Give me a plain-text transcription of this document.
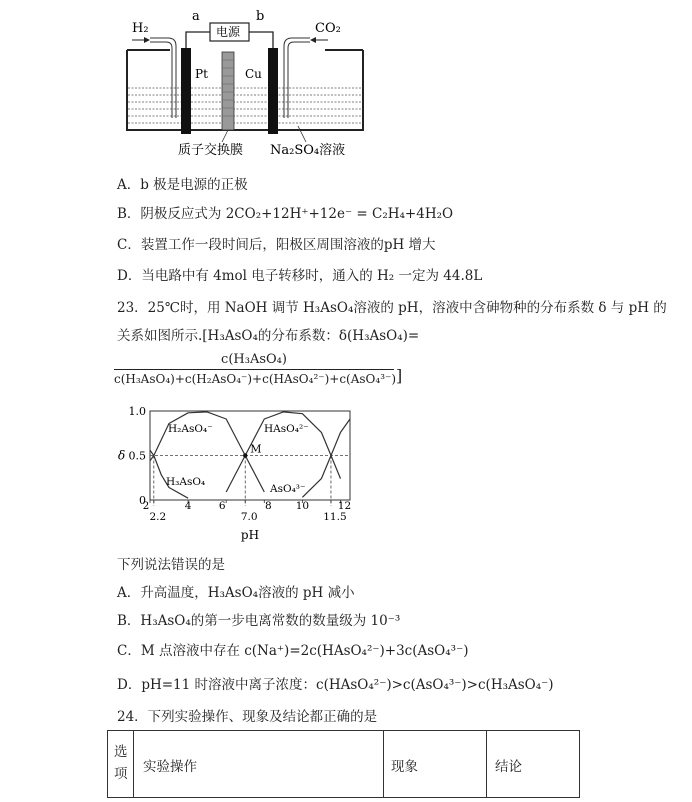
H₂	CO₂
a	b
电源
Pt	Cu
质子交换膜 Na₂SO₄溶液
A．b 极是电源的正极
B．阴极反应式为 2CO₂+12H⁺+12e⁻ = C₂H₄+4H₂O
C．装置工作一段时间后，阳极区周围溶液的pH 增大
D．当电路中有 4mol 电子转移时，通入的 H₂ 一定为 44.8L
23．25℃时，用 NaOH 调节 H₃AsO₄溶液的 pH，溶液中含砷物种的分布系数 δ 与 pH 的
关系如图所示.[H₃AsO₄的分布系数：δ(H₃AsO₄)=
c(H₃AsO₄)
c(H₃AsO₄)+c(H₂AsO₄⁻)+c(HAsO₄²⁻)+c(AsO₄³⁻) ]
0
0.5
1.0
δ
2
2.2
4	6
7.0
8 10
11.5
12
pH
H₃AsO₄
H₂AsO₄⁻	HAsO₄²⁻
AsO₄³⁻
M
下列说法错误的是
A．升高温度，H₃AsO₄溶液的 pH 减小
B．H₃AsO₄的第一步电离常数的数量级为 10⁻³
C．M 点溶液中存在 c(Na⁺)=2c(HAsO₄²⁻)+3c(AsO₄³⁻)
D．pH=11 时溶液中离子浓度：c(HAsO₄²⁻)>c(AsO₄³⁻)>c(H₃AsO₄⁻)
24．下列实验操作、现象及结论都正确的是
选
项 实验操作	现象	结论
